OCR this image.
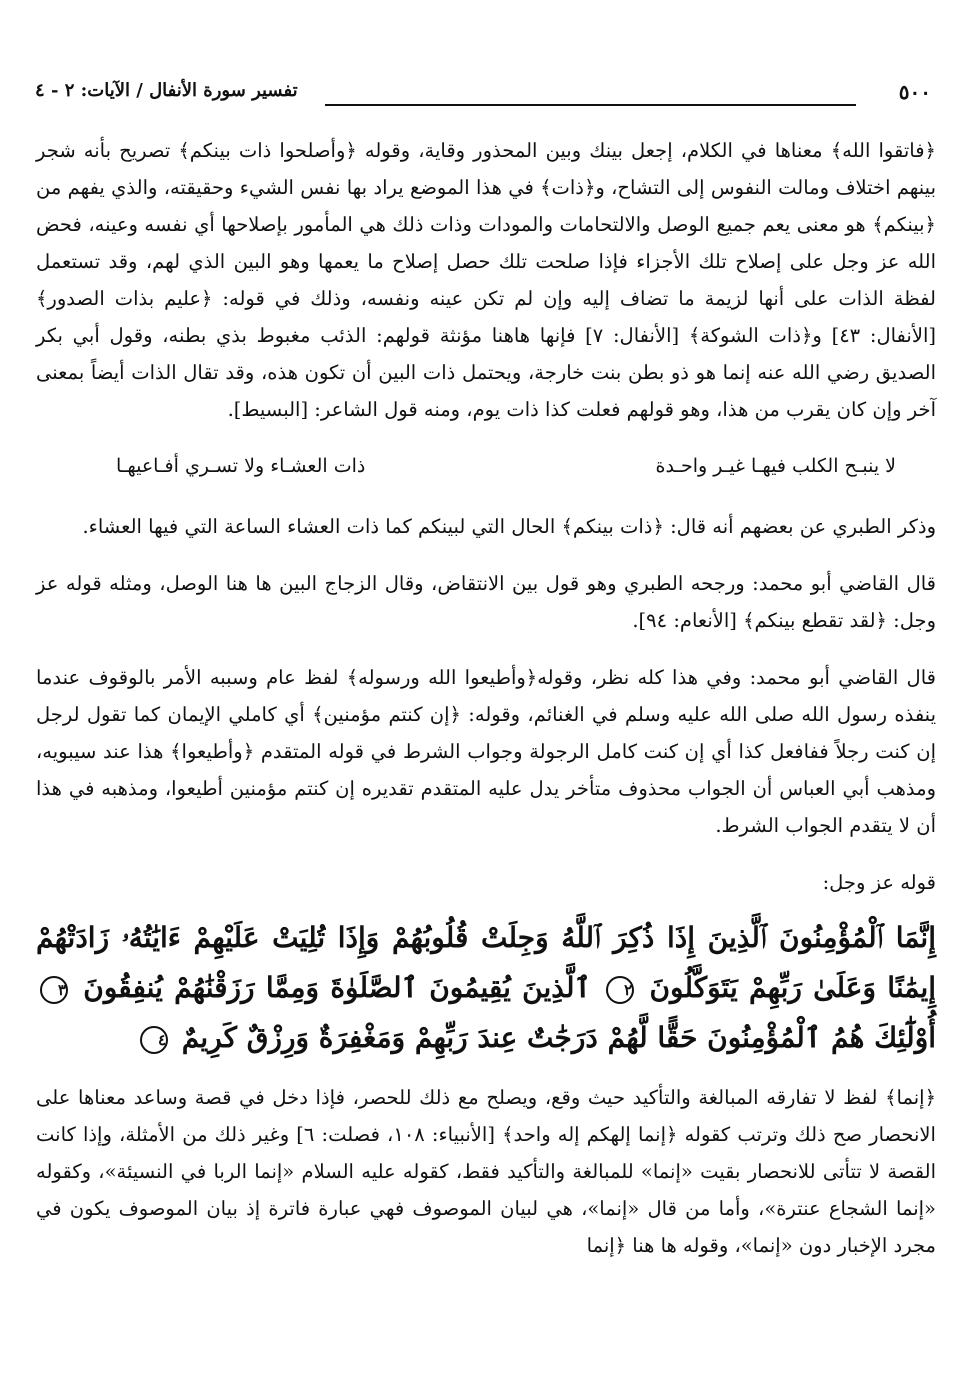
٥٠٠
تفسير سورة الأنفال / الآيات: ٢ - ٤

﴿فاتقوا الله﴾ معناها في الكلام، إجعل بينك وبين المحذور وقاية، وقوله ﴿وأصلحوا ذات بينكم﴾ تصريح بأنه شجر بينهم اختلاف ومالت النفوس إلى التشاح، و﴿ذات﴾ في هذا الموضع يراد بها نفس الشيء وحقيقته، والذي يفهم من ﴿بينكم﴾ هو معنى يعم جميع الوصل والالتحامات والمودات وذات ذلك هي المأمور بإصلاحها أي نفسه وعينه، فحض الله عز وجل على إصلاح تلك الأجزاء فإذا صلحت تلك حصل إصلاح ما يعمها وهو البين الذي لهم، وقد تستعمل لفظة الذات على أنها لزيمة ما تضاف إليه وإن لم تكن عينه ونفسه، وذلك في قوله: ﴿عليم بذات الصدور﴾ [الأنفال: ٤٣] و﴿ذات الشوكة﴾ [الأنفال: ٧] فإنها هاهنا مؤنثة قولهم: الذئب مغبوط بذي بطنه، وقول أبي بكر الصديق رضي الله عنه إنما هو ذو بطن بنت خارجة، ويحتمل ذات البين أن تكون هذه، وقد تقال الذات أيضاً بمعنى آخر وإن كان يقرب من هذا، وهو قولهم فعلت كذا ذات يوم، ومنه قول الشاعر: [البسيط].

لا ينبـح الكلب فيهـا غيـر واحـدة
ذات العشـاء ولا تسـري أفـاعيهـا

وذكر الطبري عن بعضهم أنه قال: ﴿ذات بينكم﴾ الحال التي لبينكم كما ذات العشاء الساعة التي فيها العشاء.

قال القاضي أبو محمد: ورجحه الطبري وهو قول بين الانتقاض، وقال الزجاج البين ها هنا الوصل، ومثله قوله عز وجل: ﴿لقد تقطع بينكم﴾ [الأنعام: ٩٤].

قال القاضي أبو محمد: وفي هذا كله نظر، وقوله﴿وأطيعوا الله ورسوله﴾ لفظ عام وسببه الأمر بالوقوف عندما ينفذه رسول الله صلى الله عليه وسلم في الغنائم، وقوله: ﴿إن كنتم مؤمنين﴾ أي كاملي الإيمان كما تقول لرجل إن كنت رجلاً ففافعل كذا أي إن كنت كامل الرجولة وجواب الشرط في قوله المتقدم ﴿وأطيعوا﴾ هذا عند سيبويه، ومذهب أبي العباس أن الجواب محذوف متأخر يدل عليه المتقدم تقديره إن كنتم مؤمنين أطيعوا، ومذهبه في هذا أن لا يتقدم الجواب الشرط.

قوله عز وجل:

إِنَّمَا ٱلْمُؤْمِنُونَ ٱلَّذِينَ إِذَا ذُكِرَ ٱللَّهُ وَجِلَتْ قُلُوبُهُمْ وَإِذَا تُلِيَتْ عَلَيْهِمْ ءَايَٰتُهُۥ زَادَتْهُمْ إِيمَٰنًا وَعَلَىٰ رَبِّهِمْ يَتَوَكَّلُونَ ٢ ٱلَّذِينَ يُقِيمُونَ ٱلصَّلَوٰةَ وَمِمَّا رَزَقْنَٰهُمْ يُنفِقُونَ ٣ أُوْلَٰٓئِكَ هُمُ ٱلْمُؤْمِنُونَ حَقًّا لَّهُمْ دَرَجَٰتٌ عِندَ رَبِّهِمْ وَمَغْفِرَةٌ وَرِزْقٌ كَرِيمٌ ٤

﴿إنما﴾ لفظ لا تفارقه المبالغة والتأكيد حيث وقع، ويصلح مع ذلك للحصر، فإذا دخل في قصة وساعد معناها على الانحصار صح ذلك وترتب كقوله ﴿إنما إلهكم إله واحد﴾ [الأنبياء: ١٠٨، فصلت: ٦] وغير ذلك من الأمثلة، وإذا كانت القصة لا تتأتى للانحصار بقيت «إنما» للمبالغة والتأكيد فقط، كقوله عليه السلام «إنما الربا في النسيئة»، وكقوله «إنما الشجاع عنترة»، وأما من قال «إنما»، هي لبيان الموصوف فهي عبارة فاترة إذ بيان الموصوف يكون في مجرد الإخبار دون «إنما»، وقوله ها هنا ﴿إنما
